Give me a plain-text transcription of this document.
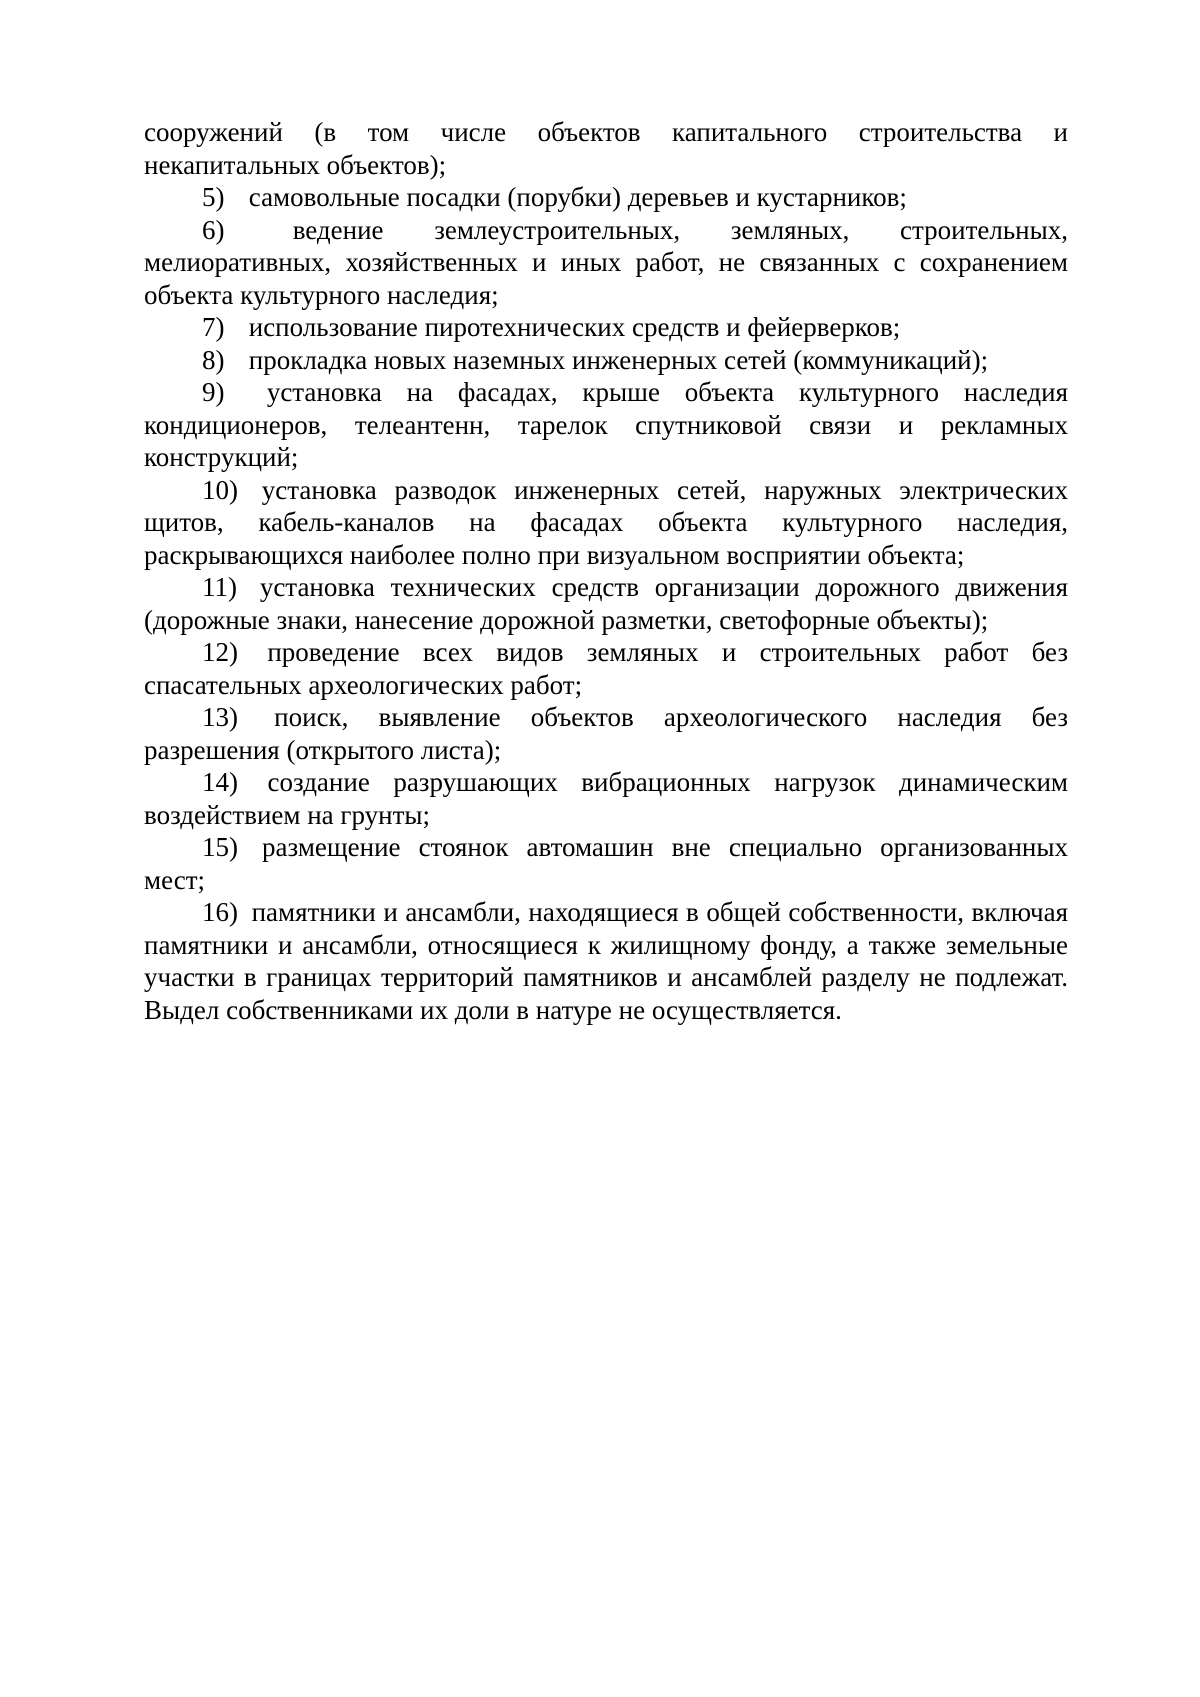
сооружений (в том числе объектов капитального строительства и некапитальных объектов);

5) самовольные посадки (порубки) деревьев и кустарников;

6)	ведение землеустроительных, земляных, строительных, мелиоративных, хозяйственных и иных работ, не связанных с сохранением объекта культурного наследия;

7) использование пиротехнических средств и фейерверков;

8) прокладка новых наземных инженерных сетей (коммуникаций);

9) установка на фасадах, крыше объекта культурного наследия кондиционеров, телеантенн, тарелок спутниковой связи и рекламных конструкций;

10) установка разводок инженерных сетей, наружных электрических щитов, кабель-каналов на фасадах объекта культурного наследия, раскрывающихся наиболее полно при визуальном восприятии объекта;

11) установка технических средств организации дорожного движения (дорожные знаки, нанесение дорожной разметки, светофорные объекты);

12) проведение всех видов земляных и строительных работ без спасательных археологических работ;

13) поиск, выявление объектов археологического наследия без разрешения (открытого листа);

14) создание разрушающих вибрационных нагрузок динамическим воздействием на грунты;

15) размещение стоянок автомашин вне специально организованных мест;

16) памятники и ансамбли, находящиеся в общей собственности, включая памятники и ансамбли, относящиеся к жилищному фонду, а также земельные участки в границах территорий памятников и ансамблей разделу не подлежат. Выдел собственниками их доли в натуре не осуществляется.
